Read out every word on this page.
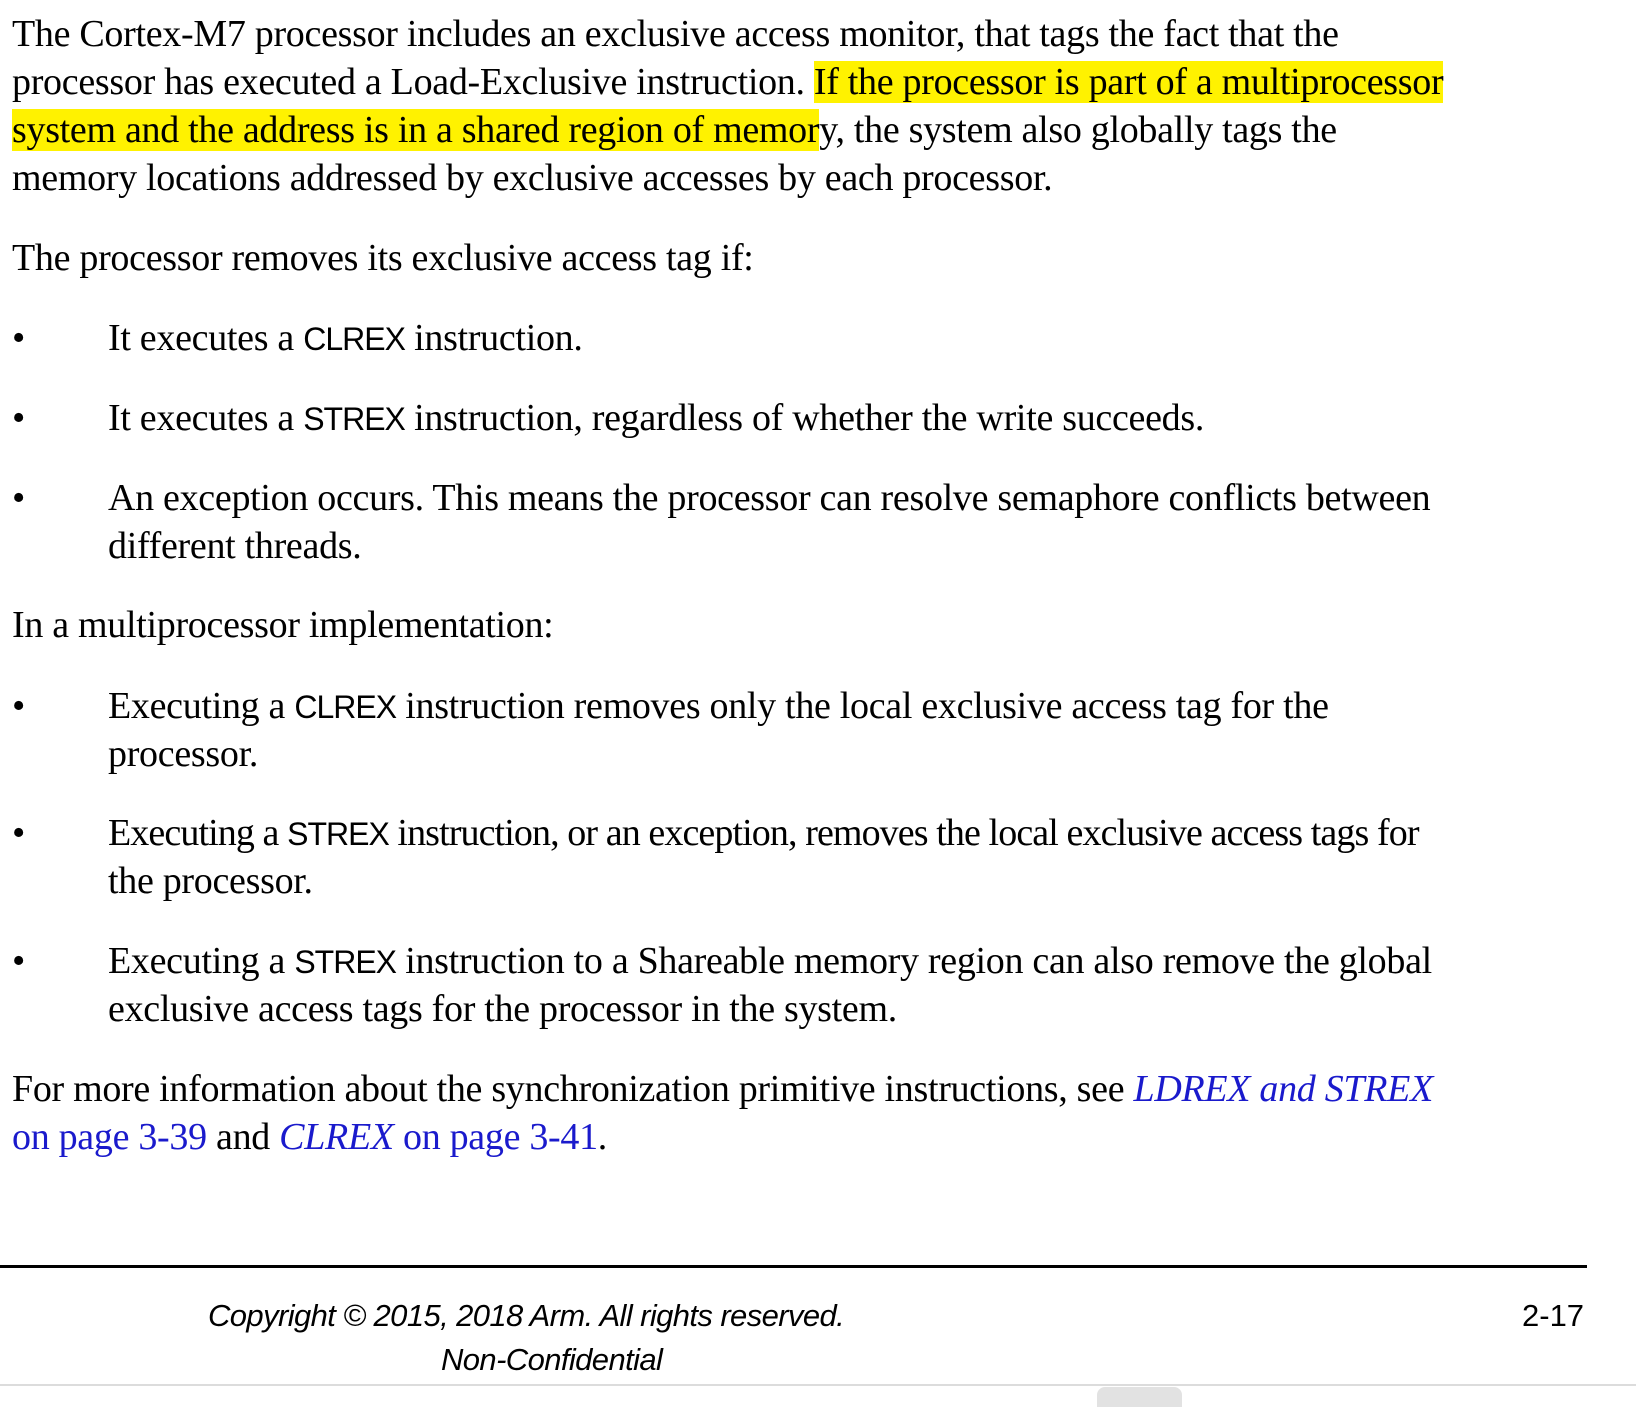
The Cortex-M7 processor includes an exclusive access monitor, that tags the fact that the
processor has executed a Load-Exclusive instruction. If the processor is part of a multiprocessor
system and the address is in a shared region of memory, the system also globally tags the
memory locations addressed by exclusive accesses by each processor.
The processor removes its exclusive access tag if:
• It executes a CLREX instruction.
• It executes a STREX instruction, regardless of whether the write succeeds.
• An exception occurs. This means the processor can resolve semaphore conflicts between
different threads.
In a multiprocessor implementation:
• Executing a CLREX instruction removes only the local exclusive access tag for the
processor.
• Executing a STREX instruction, or an exception, removes the local exclusive access tags for
the processor.
• Executing a STREX instruction to a Shareable memory region can also remove the global
exclusive access tags for the processor in the system.
For more information about the synchronization primitive instructions, see LDREX and STREX
on page 3-39 and CLREX on page 3-41.
Copyright © 2015, 2018 Arm. All rights reserved.
Non-Confidential
2-17
